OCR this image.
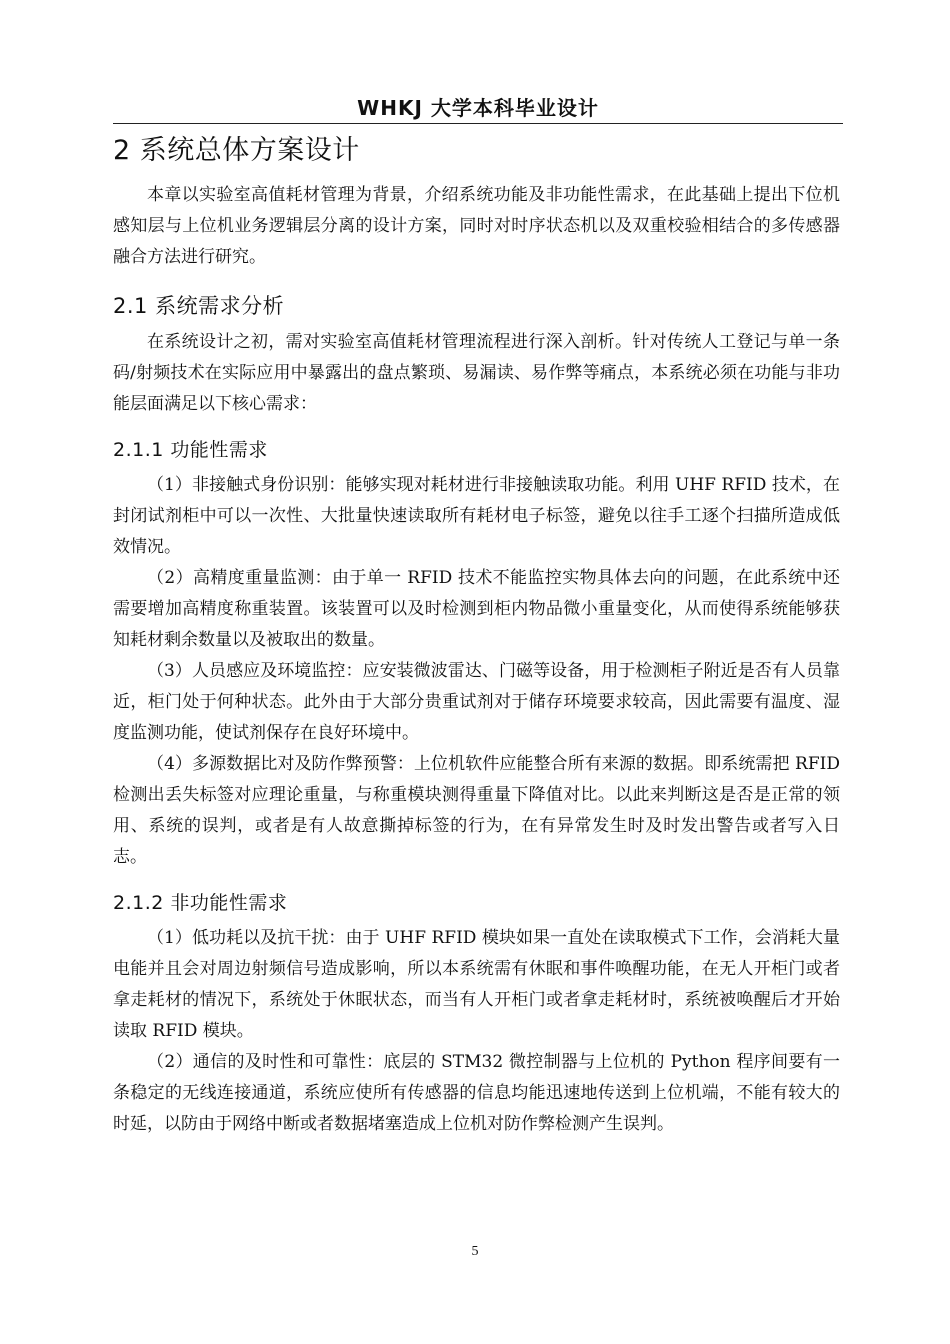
WHKJ 大学本科毕业设计
2 系统总体方案设计

本章以实验室高值耗材管理为背景，介绍系统功能及非功能性需求，在此基础上提出下位机感知层与上位机业务逻辑层分离的设计方案，同时对时序状态机以及双重校验相结合的多传感器融合方法进行研究。

2.1 系统需求分析

在系统设计之初，需对实验室高值耗材管理流程进行深入剖析。针对传统人工登记与单一条码/射频技术在实际应用中暴露出的盘点繁琐、易漏读、易作弊等痛点，本系统必须在功能与非功能层面满足以下核心需求：

2.1.1 功能性需求

（1）非接触式身份识别：能够实现对耗材进行非接触读取功能。利用 UHF RFID 技术，在封闭试剂柜中可以一次性、大批量快速读取所有耗材电子标签，避免以往手工逐个扫描所造成低效情况。

（2）高精度重量监测：由于单一 RFID 技术不能监控实物具体去向的问题，在此系统中还需要增加高精度称重装置。该装置可以及时检测到柜内物品微小重量变化，从而使得系统能够获知耗材剩余数量以及被取出的数量。

（3）人员感应及环境监控：应安装微波雷达、门磁等设备，用于检测柜子附近是否有人员靠近，柜门处于何种状态。此外由于大部分贵重试剂对于储存环境要求较高，因此需要有温度、湿度监测功能，使试剂保存在良好环境中。

（4）多源数据比对及防作弊预警：上位机软件应能整合所有来源的数据。即系统需把 RFID 检测出丢失标签对应理论重量，与称重模块测得重量下降值对比。以此来判断这是否是正常的领用、系统的误判，或者是有人故意撕掉标签的行为，在有异常发生时及时发出警告或者写入日志。

2.1.2 非功能性需求

（1）低功耗以及抗干扰：由于 UHF RFID 模块如果一直处在读取模式下工作，会消耗大量电能并且会对周边射频信号造成影响，所以本系统需有休眠和事件唤醒功能，在无人开柜门或者拿走耗材的情况下，系统处于休眠状态，而当有人开柜门或者拿走耗材时，系统被唤醒后才开始读取 RFID 模块。

（2）通信的及时性和可靠性：底层的 STM32 微控制器与上位机的 Python 程序间要有一条稳定的无线连接通道，系统应使所有传感器的信息均能迅速地传送到上位机端，不能有较大的时延，以防由于网络中断或者数据堵塞造成上位机对防作弊检测产生误判。

5
